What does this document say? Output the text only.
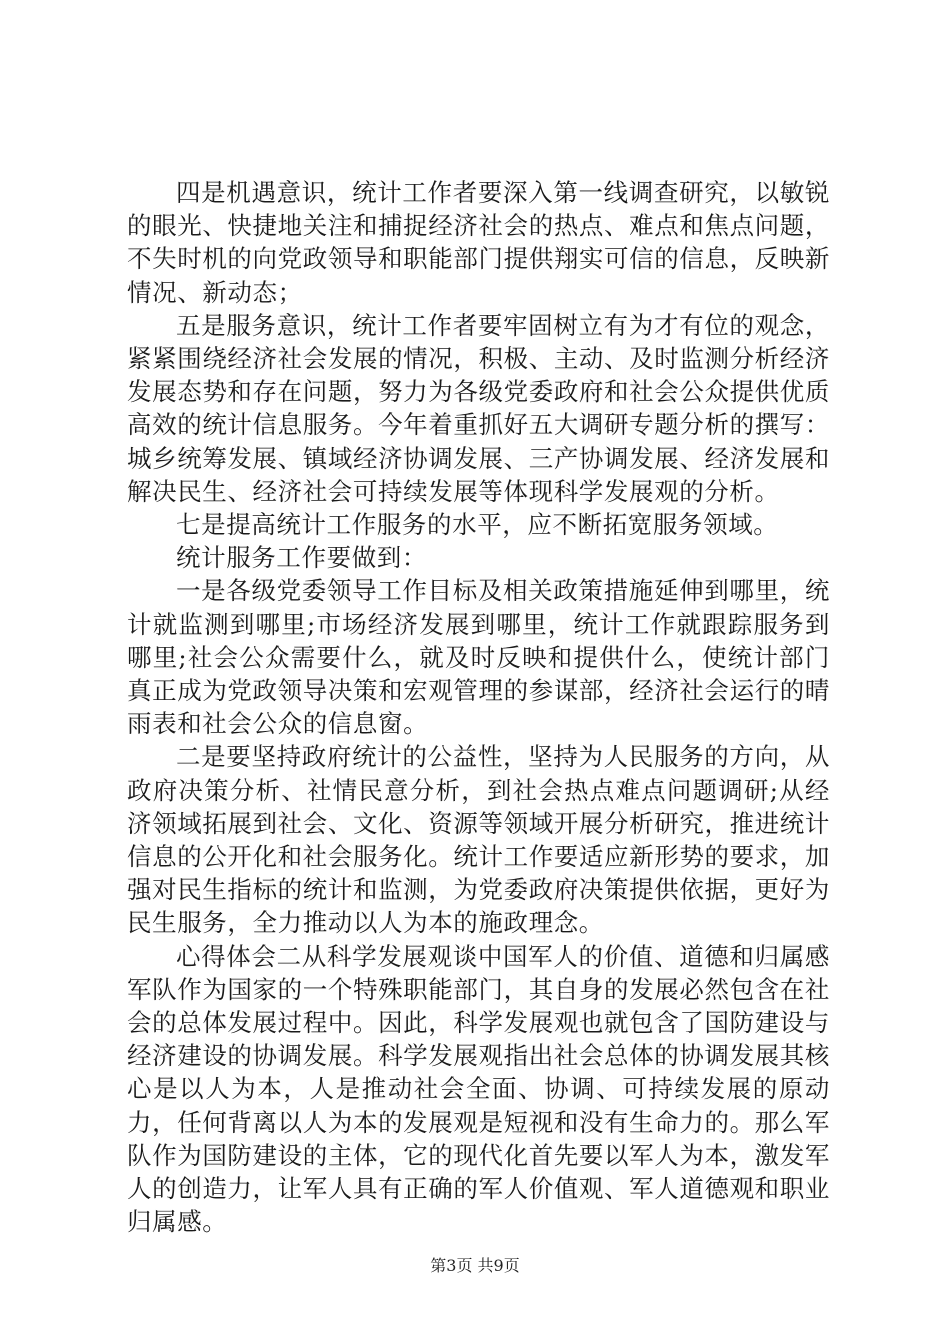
四是机遇意识，统计工作者要深入第一线调查研究，以敏锐的眼光、快捷地关注和捕捉经济社会的热点、难点和焦点问题，不失时机的向党政领导和职能部门提供翔实可信的信息，反映新情况、新动态；

五是服务意识，统计工作者要牢固树立有为才有位的观念，紧紧围绕经济社会发展的情况，积极、主动、及时监测分析经济发展态势和存在问题，努力为各级党委政府和社会公众提供优质高效的统计信息服务。今年着重抓好五大调研专题分析的撰写：城乡统筹发展、镇域经济协调发展、三产协调发展、经济发展和解决民生、经济社会可持续发展等体现科学发展观的分析。

七是提高统计工作服务的水平，应不断拓宽服务领域。

统计服务工作要做到：

一是各级党委领导工作目标及相关政策措施延伸到哪里，统计就监测到哪里;市场经济发展到哪里，统计工作就跟踪服务到哪里;社会公众需要什么，就及时反映和提供什么，使统计部门真正成为党政领导决策和宏观管理的参谋部，经济社会运行的晴雨表和社会公众的信息窗。

二是要坚持政府统计的公益性，坚持为人民服务的方向，从政府决策分析、社情民意分析，到社会热点难点问题调研;从经济领域拓展到社会、文化、资源等领域开展分析研究，推进统计信息的公开化和社会服务化。统计工作要适应新形势的要求，加强对民生指标的统计和监测，为党委政府决策提供依据，更好为民生服务，全力推动以人为本的施政理念。

心得体会二从科学发展观谈中国军人的价值、道德和归属感军队作为国家的一个特殊职能部门，其自身的发展必然包含在社会的总体发展过程中。因此，科学发展观也就包含了国防建设与经济建设的协调发展。科学发展观指出社会总体的协调发展其核心是以人为本，人是推动社会全面、协调、可持续发展的原动力，任何背离以人为本的发展观是短视和没有生命力的。那么军队作为国防建设的主体，它的现代化首先要以军人为本，激发军人的创造力，让军人具有正确的军人价值观、军人道德观和职业归属感。

第3页 共9页
